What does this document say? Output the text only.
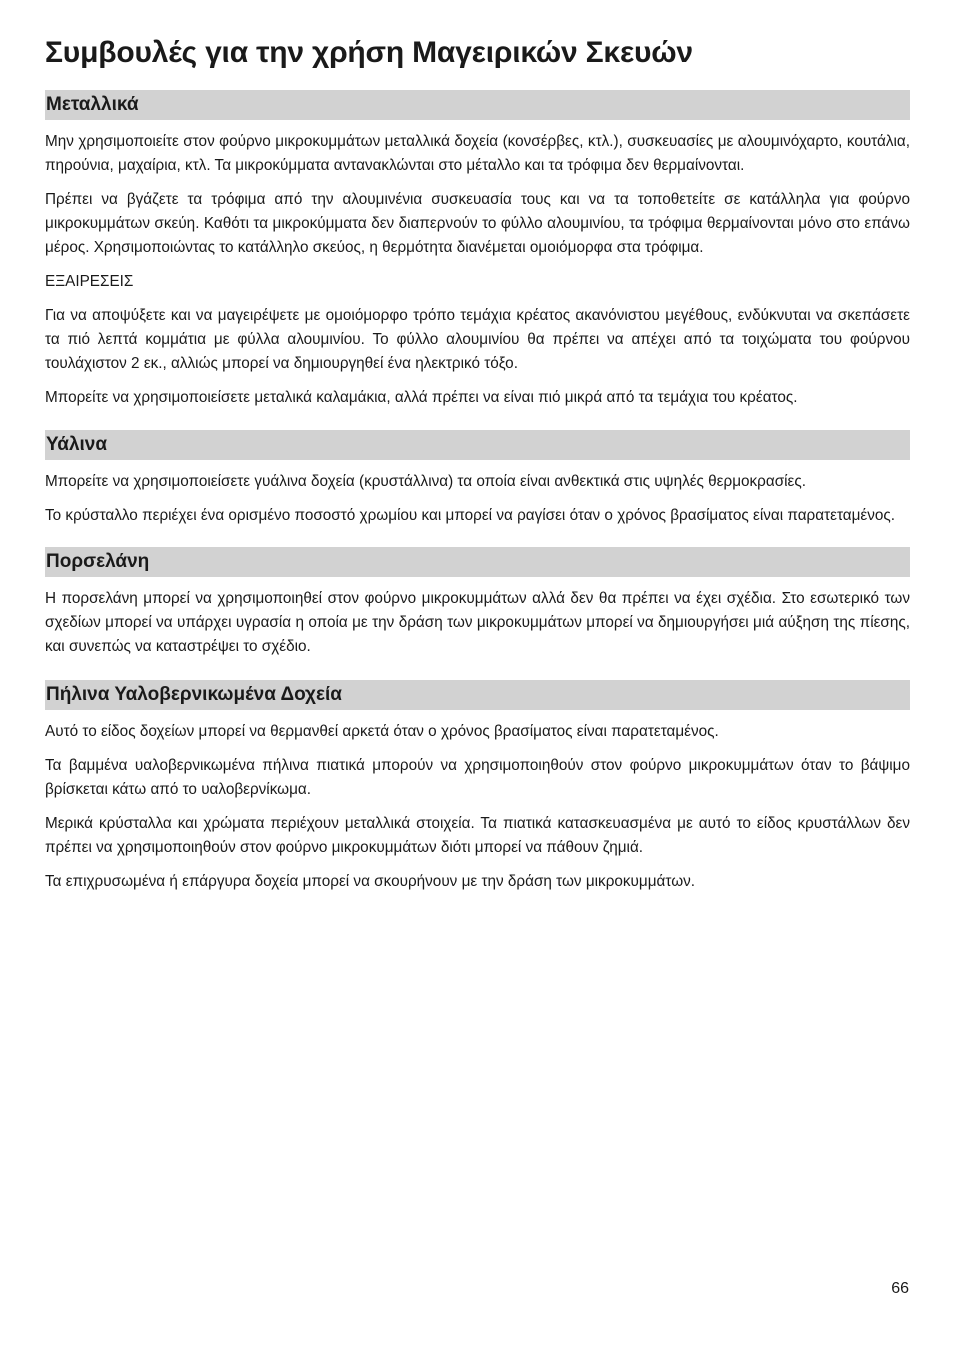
Συμβουλές για την χρήση Μαγειρικών Σκευών
Μεταλλικά

Μην χρησιμοποιείτε στον φούρνο μικροκυμμάτων μεταλλικά δοχεία (κονσέρβες, κτλ.), συσκευασίες με αλουμινόχαρτο, κουτάλια, πηρούνια, μαχαίρια, κτλ. Τα μικροκύμματα αντανακλώνται στο μέταλλο και τα τρόφιμα δεν θερμαίνονται.

Πρέπει να βγάζετε τα τρόφιμα από την αλουμινένια συσκευασία τους και να τα τοποθετείτε σε κατάλληλα για φούρνο μικροκυμμάτων σκεύη. Καθότι τα μικροκύμματα δεν διαπερνούν το φύλλο αλουμινίου, τα τρόφιμα θερμαίνονται μόνο στο επάνω μέρος. Χρησιμοποιώντας το κατάλληλο σκεύος, η θερμότητα διανέμεται ομοιόμορφα στα τρόφιμα.

ΕΞΑΙΡΕΣΕΙΣ

Για να αποψύξετε και να μαγειρέψετε με ομοιόμορφο τρόπο τεμάχια κρέατος ακανόνιστου μεγέθους, ενδύκνυται να σκεπάσετε τα πιό λεπτά κομμάτια με φύλλα αλουμινίου. Το φύλλο αλουμινίου θα πρέπει να απέχει από τα τοιχώματα του φούρνου τουλάχιστον 2 εκ., αλλιώς μπορεί να δημιουργηθεί ένα ηλεκτρικό τόξο.

Μπορείτε να χρησιμοποιείσετε μεταλικά καλαμάκια, αλλά πρέπει να είναι πιό μικρά από τα τεμάχια του κρέατος.

Υάλινα

Μπορείτε να χρησιμοποιείσετε γυάλινα δοχεία (κρυστάλλινα) τα οποία είναι ανθεκτικά στις υψηλές θερμοκρασίες.

Το κρύσταλλο περιέχει ένα ορισμένο ποσοστό χρωμίου και μπορεί να ραγίσει όταν ο χρόνος βρασίματος είναι παρατεταμένος.

Πορσελάνη

Η πορσελάνη μπορεί να χρησιμοποιηθεί στον φούρνο μικροκυμμάτων αλλά δεν θα πρέπει να έχει σχέδια. Στο εσωτερικό των σχεδίων μπορεί να υπάρχει υγρασία η οποία με την δράση των μικροκυμμάτων μπορεί να δημιουργήσει μιά αύξηση της πίεσης, και συνεπώς να καταστρέψει το σχέδιο.

Πήλινα Υαλοβερνικωμένα Δοχεία

Αυτό το είδος δοχείων μπορεί να θερμανθεί αρκετά όταν ο χρόνος βρασίματος είναι παρατεταμένος.

Τα βαμμένα υαλοβερνικωμένα πήλινα πιατικά μπορούν να χρησιμοποιηθούν στον φούρνο μικροκυμμάτων όταν το βάψιμο βρίσκεται κάτω από το υαλοβερνίκωμα.

Μερικά κρύσταλλα και χρώματα περιέχουν μεταλλικά στοιχεία. Τα πιατικά κατασκευασμένα με αυτό το είδος κρυστάλλων δεν πρέπει να χρησιμοποιηθούν στον φούρνο μικροκυμμάτων διότι μπορεί να πάθουν ζημιά.

Τα επιχρυσωμένα ή επάργυρα δοχεία μπορεί να σκουρήνουν με την δράση των μικροκυμμάτων.

66
